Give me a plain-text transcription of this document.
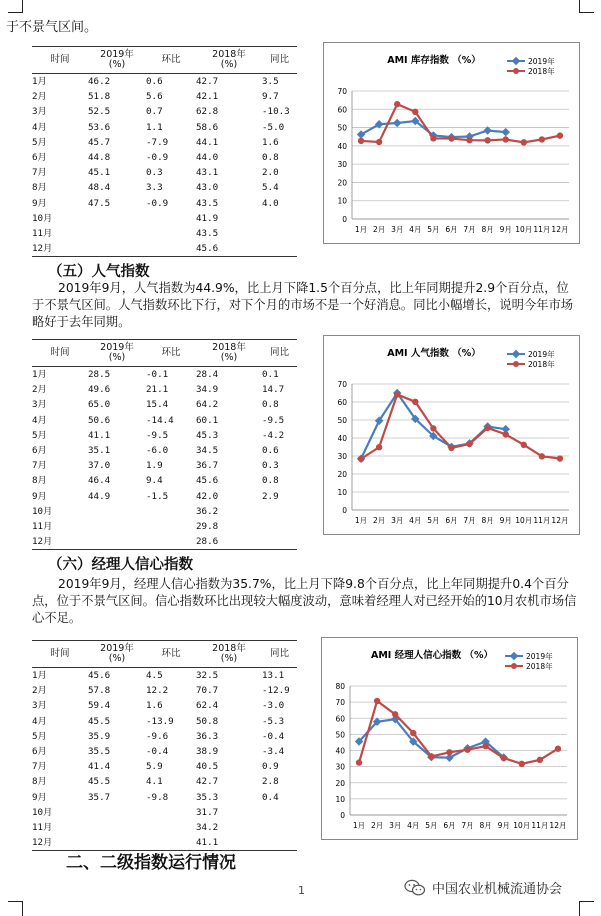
于不景气区间。
时间	2019年
(%)	环比	2018年
(%)	同比
1月	46.2	0.6	42.7	3.5
2月	51.8	5.6	42.1	9.7
3月	52.5	0.7	62.8	-10.3
4月	53.6	1.1	58.6	-5.0
5月	45.7	-7.9	44.1	1.6
6月	44.8	-0.9	44.0	0.8
7月	45.1	0.3	43.1	2.0
8月	48.4	3.3	43.0	5.4
9月	47.5	-0.9	43.5	4.0
10月			41.9	
11月			43.5	
12月			45.6	
AMI 库存指数 （%）	2019年
2018年
0
10
20
30
40
50
60
70
1月 2月 3月 4月 5月 6月 7月 8月 9月 10月 11月 12月
（五）人气指数
2019年9月，人气指数为44.9%，比上月下降1.5个百分点，比上年同期提升2.9个百分点，位于不景气区间。人气指数环比下行，对下个月的市场不是一个好消息。同比小幅增长，说明今年市场略好于去年同期。
时间	2019年
(%)	环比	2018年
(%)	同比
1月	28.5	-0.1	28.4	0.1
2月	49.6	21.1	34.9	14.7
3月	65.0	15.4	64.2	0.8
4月	50.6	-14.4	60.1	-9.5
5月	41.1	-9.5	45.3	-4.2
6月	35.1	-6.0	34.5	0.6
7月	37.0	1.9	36.7	0.3
8月	46.4	9.4	45.6	0.8
9月	44.9	-1.5	42.0	2.9
10月			36.2	
11月			29.8	
12月			28.6	
AMI 人气指数 （%）	2019年
2018年
0
10
20
30
40
50
60
70
1月 2月 3月 4月 5月 6月 7月 8月 9月 10月 11月 12月
（六）经理人信心指数
2019年9月，经理人信心指数为35.7%，比上月下降9.8个百分点，比上年同期提升0.4个百分点，位于不景气区间。信心指数环比出现较大幅度波动，意味着经理人对已经开始的10月农机市场信心不足。
时间	2019年
(%)	环比	2018年
(%)	同比
1月	45.6	4.5	32.5	13.1
2月	57.8	12.2	70.7	-12.9
3月	59.4	1.6	62.4	-3.0
4月	45.5	-13.9	50.8	-5.3
5月	35.9	-9.6	36.3	-0.4
6月	35.5	-0.4	38.9	-3.4
7月	41.4	5.9	40.5	0.9
8月	45.5	4.1	42.7	2.8
9月	35.7	-9.8	35.3	0.4
10月			31.7	
11月			34.2	
12月			41.1	
AMI 经理人信心指数 （%）	2019年
2018年
0
10
20
30
40
50
60
70
80
1月 2月 3月 4月 5月 6月 7月 8月 9月 10月 11月 12月
二、二级指数运行情况
1	中国农业机械流通协会
